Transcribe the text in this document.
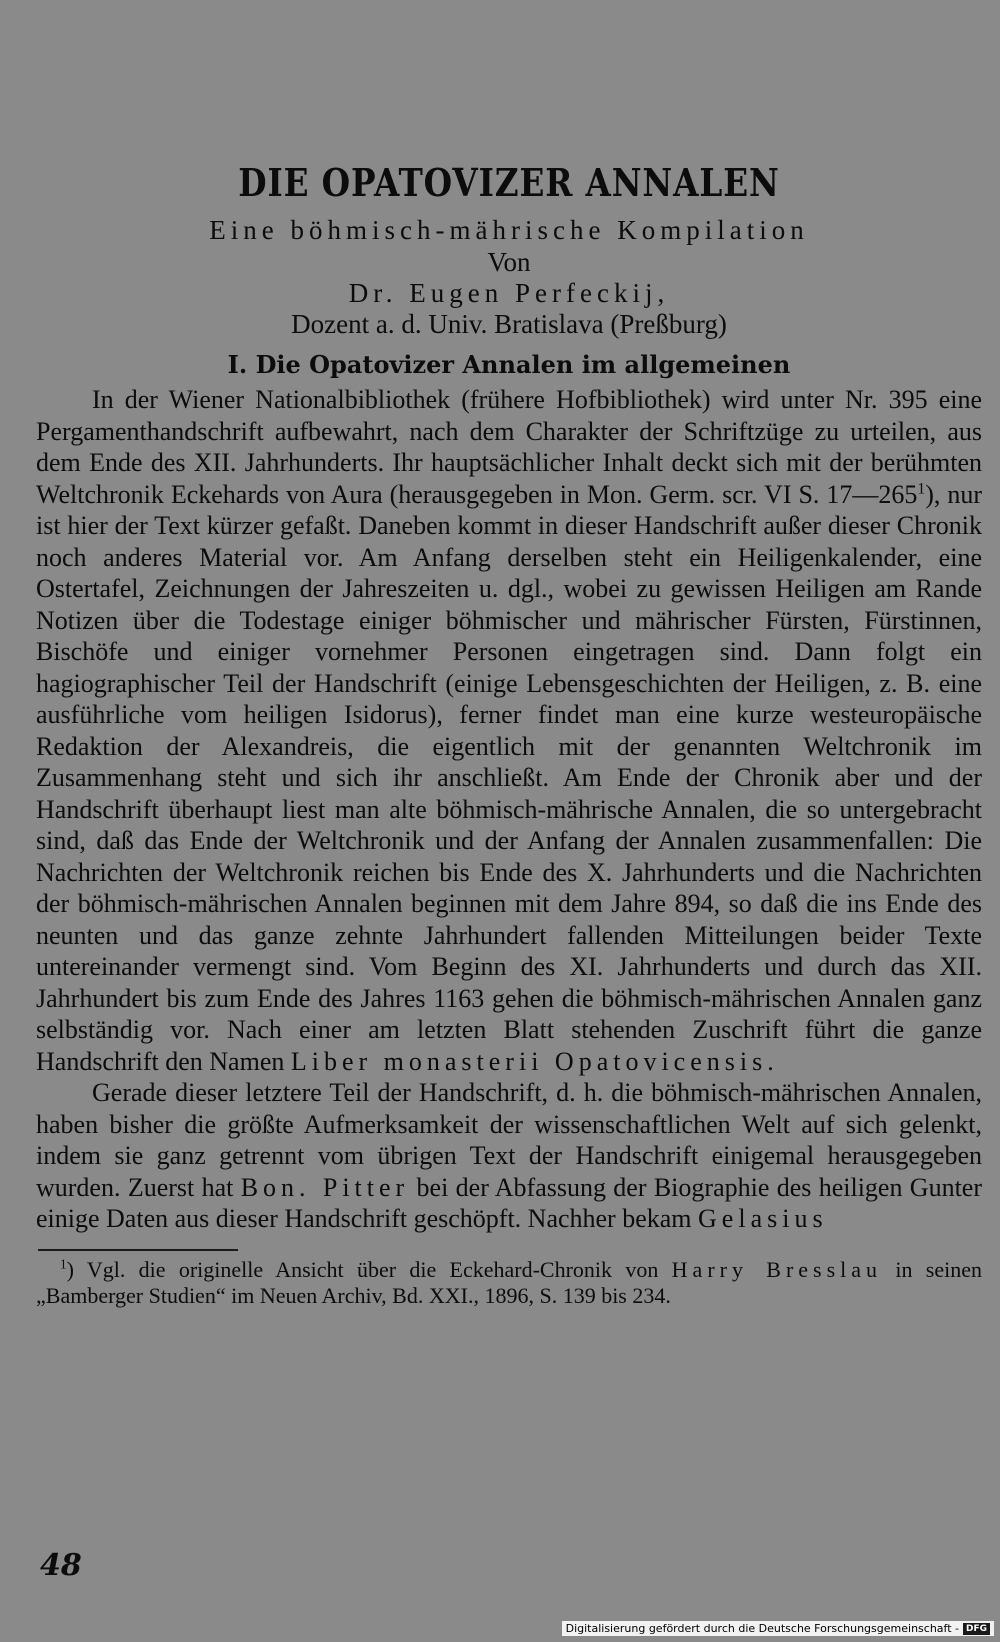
DIE OPATOVIZER ANNALEN

Eine böhmisch-mährische Kompilation

Von

Dr. Eugen Perfeckij,

Dozent a. d. Univ. Bratislava (Preßburg)

I. Die Opatovizer Annalen im allgemeinen

In der Wiener Nationalbibliothek (frühere Hofbibliothek) wird unter Nr. 395 eine Pergamenthandschrift aufbewahrt, nach dem Charakter der Schriftzüge zu urteilen, aus dem Ende des XII. Jahrhunderts. Ihr hauptsächlicher Inhalt deckt sich mit der berühmten Weltchronik Eckehards von Aura (herausgegeben in Mon. Germ. scr. VI S. $17—265^1$), nur ist hier der Text kürzer gefaßt. Daneben kommt in dieser Handschrift außer dieser Chronik noch anderes Material vor. Am Anfang derselben steht ein Heiligenkalender, eine Ostertafel, Zeichnungen der Jahreszeiten u. dgl., wobei zu gewissen Heiligen am Rande Notizen über die Todestage einiger böhmischer und mährischer Fürsten, Fürstinnen, Bischöfe und einiger vornehmer Personen eingetragen sind. Dann folgt ein hagiographischer Teil der Handschrift (einige Lebensgeschichten der Heiligen, z. B. eine ausführliche vom heiligen Isidorus), ferner findet man eine kurze westeuropäische Redaktion der Alexandreis, die eigentlich mit der genannten Weltchronik im Zusammenhang steht und sich ihr anschließt. Am Ende der Chronik aber und der Handschrift überhaupt liest man alte böhmisch-mährische Annalen, die so untergebracht sind, daß das Ende der Weltchronik und der Anfang der Annalen zusammenfallen: Die Nachrichten der Weltchronik reichen bis Ende des X. Jahrhunderts und die Nachrichten der böhmisch-mährischen Annalen beginnen mit dem Jahre 894, so daß die ins Ende des neunten und das ganze zehnte Jahrhundert fallenden Mitteilungen beider Texte untereinander vermengt sind. Vom Beginn des XI. Jahrhunderts und durch das XII. Jahrhundert bis zum Ende des Jahres 1163 gehen die böhmisch-mährischen Annalen ganz selbständig vor. Nach einer am letzten Blatt stehenden Zuschrift führt die ganze Handschrift den Namen Liber monasterii Opatovicensis.

Gerade dieser letztere Teil der Handschrift, d. h. die böhmisch-mährischen Annalen, haben bisher die größte Aufmerksamkeit der wissenschaftlichen Welt auf sich gelenkt, indem sie ganz getrennt vom übrigen Text der Handschrift einigemal herausgegeben wurden. Zuerst hat Bon. Pitter bei der Abfassung der Biographie des heiligen Gunter einige Daten aus dieser Handschrift geschöpft. Nachher bekam Gelasius

$^1$) Vgl. die originelle Ansicht über die Eckehard-Chronik von Harry Bresslau in seinen „Bamberger Studien“ im Neuen Archiv, Bd. XXI., 1896, S. 139 bis 234.

48
Digitalisierung gefördert durch die Deutsche Forschungsgemeinschaft - DFG
